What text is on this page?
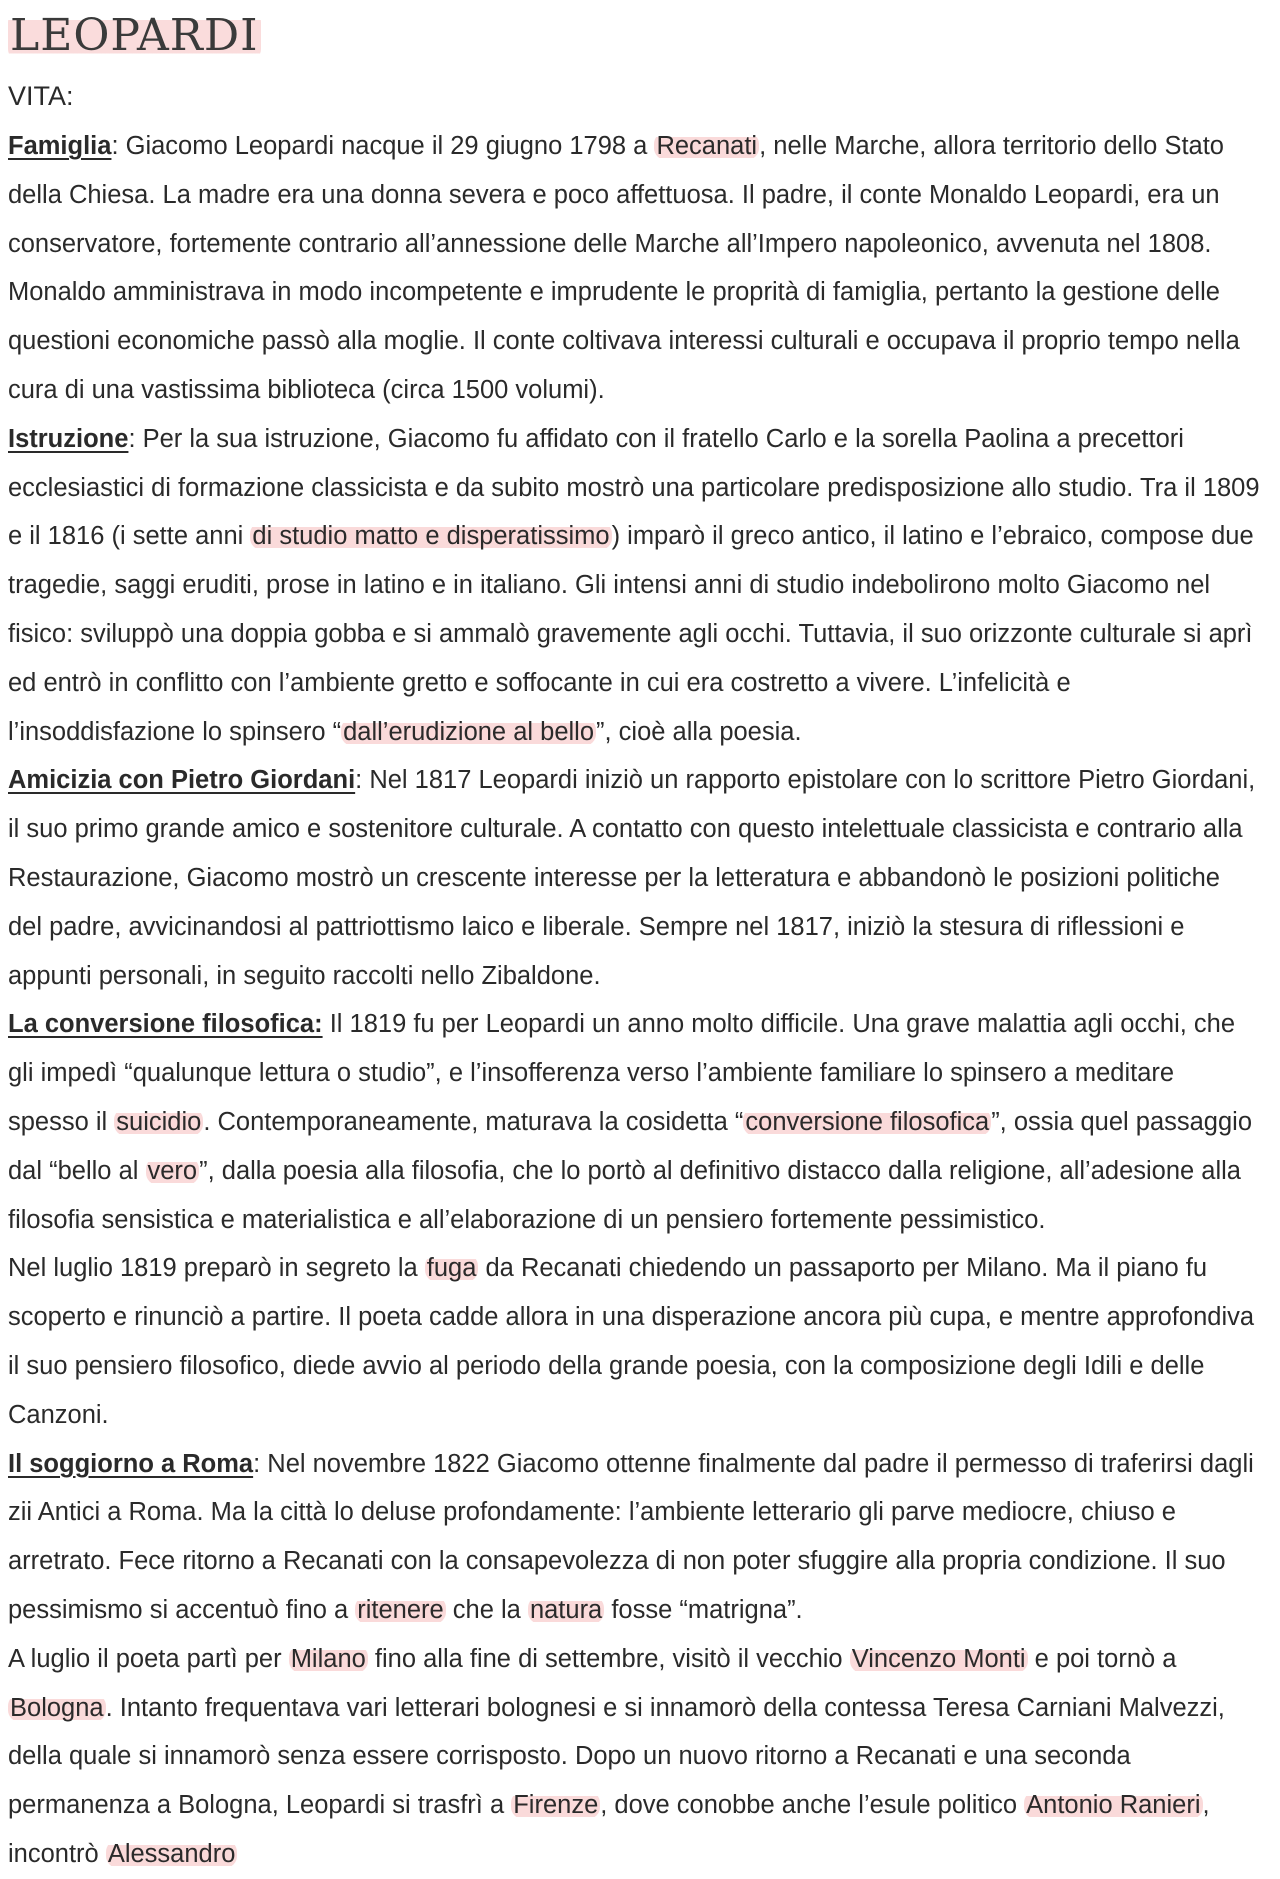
LEOPARDI
VITA:

Famiglia: Giacomo Leopardi nacque il 29 giugno 1798 a Recanati, nelle Marche, allora territorio dello Stato della Chiesa. La madre era una donna severa e poco affettuosa. Il padre, il conte Monaldo Leopardi, era un conservatore, fortemente contrario all’annessione delle Marche all’Impero napoleonico, avvenuta nel 1808. Monaldo amministrava in modo incompetente e imprudente le proprità di famiglia, pertanto la gestione delle questioni economiche passò alla moglie. Il conte coltivava interessi culturali e occupava il proprio tempo nella cura di una vastissima biblioteca (circa 1500 volumi).

Istruzione: Per la sua istruzione, Giacomo fu affidato con il fratello Carlo e la sorella Paolina a precettori ecclesiastici di formazione classicista e da subito mostrò una particolare predisposizione allo studio. Tra il 1809 e il 1816 (i sette anni di studio matto e disperatissimo) imparò il greco antico, il latino e l’ebraico, compose due tragedie, saggi eruditi, prose in latino e in italiano. Gli intensi anni di studio indebolirono molto Giacomo nel fisico: sviluppò una doppia gobba e si ammalò gravemente agli occhi. Tuttavia, il suo orizzonte culturale si aprì ed entrò in conflitto con l’ambiente gretto e soffocante in cui era costretto a vivere. L’infelicità e l’insoddisfazione lo spinsero “dall’erudizione al bello”, cioè alla poesia.

Amicizia con Pietro Giordani: Nel 1817 Leopardi iniziò un rapporto epistolare con lo scrittore Pietro Giordani, il suo primo grande amico e sostenitore culturale. A contatto con questo intelettuale classicista e contrario alla Restaurazione, Giacomo mostrò un crescente interesse per la letteratura e abbandonò le posizioni politiche del padre, avvicinandosi al pattriottismo laico e liberale. Sempre nel 1817, iniziò la stesura di riflessioni e appunti personali, in seguito raccolti nello Zibaldone.

La conversione filosofica: Il 1819 fu per Leopardi un anno molto difficile. Una grave malattia agli occhi, che gli impedì “qualunque lettura o studio”, e l’insofferenza verso l’ambiente familiare lo spinsero a meditare spesso il suicidio. Contemporaneamente, maturava la cosidetta “conversione filosofica”, ossia quel passaggio dal “bello al vero”, dalla poesia alla filosofia, che lo portò al definitivo distacco dalla religione, all’adesione alla filosofia sensistica e materialistica e all’elaborazione di un pensiero fortemente pessimistico.

Nel luglio 1819 preparò in segreto la fuga da Recanati chiedendo un passaporto per Milano. Ma il piano fu scoperto e rinunciò a partire. Il poeta cadde allora in una disperazione ancora più cupa, e mentre approfondiva il suo pensiero filosofico, diede avvio al periodo della grande poesia, con la composizione degli Idili e delle Canzoni.

Il soggiorno a Roma: Nel novembre 1822 Giacomo ottenne finalmente dal padre il permesso di traferirsi dagli zii Antici a Roma. Ma la città lo deluse profondamente: l’ambiente letterario gli parve mediocre, chiuso e arretrato. Fece ritorno a Recanati con la consapevolezza di non poter sfuggire alla propria condizione. Il suo pessimismo si accentuò fino a ritenere che la natura fosse “matrigna”.

A luglio il poeta partì per Milano fino alla fine di settembre, visitò il vecchio Vincenzo Monti e poi tornò a Bologna. Intanto frequentava vari letterari bolognesi e si innamorò della contessa Teresa Carniani Malvezzi, della quale si innamorò senza essere corrisposto. Dopo un nuovo ritorno a Recanati e una seconda permanenza a Bologna, Leopardi si trasfrì a Firenze, dove conobbe anche l’esule politico Antonio Ranieri, incontrò Alessandro
